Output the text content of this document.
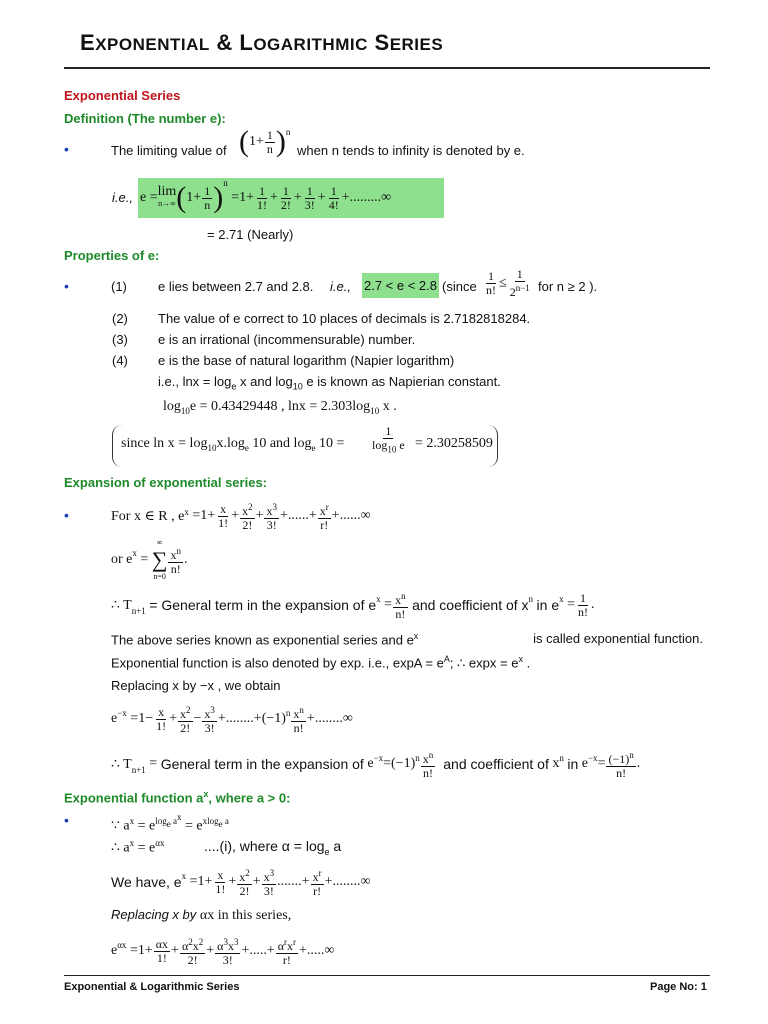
EXPONENTIAL & LOGARITHMIC SERIES
Exponential Series
Definition (The number e):
•	The limiting value of $(1+ \frac{1}{n} )^n$
when n tends to infinity is denoted by e.
i.e., e = lim
n→∞ ( $1+ \frac{1}{n} )^n$
$=1+ \frac{1}{1!} + \frac{1}{2!} + \frac{1}{3!} + \frac{1}{4!}$ +.........∞
= 2.71 (Nearly)
Properties of e:
•	(1) e lies between 2.7 and 2.8. i.e., 2.7 < e < 2.8 (since $\frac{1}{n!} \le \frac{1}{2^{n-1}}$ for n ≥ 2 ).
(2) The value of e correct to 10 places of decimals is 2.7182818284.
(3) e is an irrational (incommensurable) number.
(4) e is the base of natural logarithm (Napier logarithm)
i.e., $\ln x = \log_e x$ and $\log_{10} e$ is known as Napierian constant.
$\log_{10}e = 0.43429448$ , $\ln x = 2.303\log_{10}$ x .
since $\ln x = \log_{10}x.\log_e$ 10 and $\log_e 10 = \frac{1}{\log_{10} e} = 2.30258509$
Expansion of exponential series:
•	For x ∈ R , $e^x =1+ \frac{x}{1!} + \frac{x^2}{2!} + \frac{x^3}{3!}$ +......+ $\frac{x^r}{r!}$ +......∞
or $e^x$ =
∞
∑
n=0
$\frac{x^n}{n!}$ .
∴ $T_{n+1}$
= General term in the expansion of $e^x = \frac{x^n}{n!}$
and coefficient of $x^n$
in $e^x = \frac{1}{n!}$ .
The above series known as exponential series and $e^x$	is called exponential function.
Exponential function is also denoted by exp. i.e., $\exp A = e^A$; ∴ $\exp x = e^x$ .
Replacing x by −x , we obtain
$e -x =1- \frac{x}{1!} + \frac{x^2}{2!} - \frac{x^3}{3!} +........+(-1)^n \frac{x^n}{n!}$ +........∞
∴ T n+1 = General term in the expansion of $e^{-x} =(-1)$ n $\frac{x^n}{n!}$
and coefficient of $x^n$
in $e^{-x} = \frac{(-1)^n}{n!}$ .
Exponential function $a^x$, where a > 0:
•	∵ $a^x = e^{log_e a^x} = e^{xlog_e a}$
∴ $a^x = e^{\alpha x}$	....(i), where $\alpha = \log_e a$
We have, $e^x =1+ \frac{x}{1!} + \frac{x^2}{2!} + \frac{x^3}{3!}$ .......+ $\frac{x^r}{r!}$ +........∞
Replacing x by αx in this series,
e $\alpha x =1+ \frac{\alpha x}{1!} + \frac{\alpha^2x^2}{2!} + \frac{\alpha^3x^3}{3!}$ +.....+ $\frac{\alpha^rx^r}{r!}$ +.....∞
Exponential & Logarithmic Series	Page No: 1
